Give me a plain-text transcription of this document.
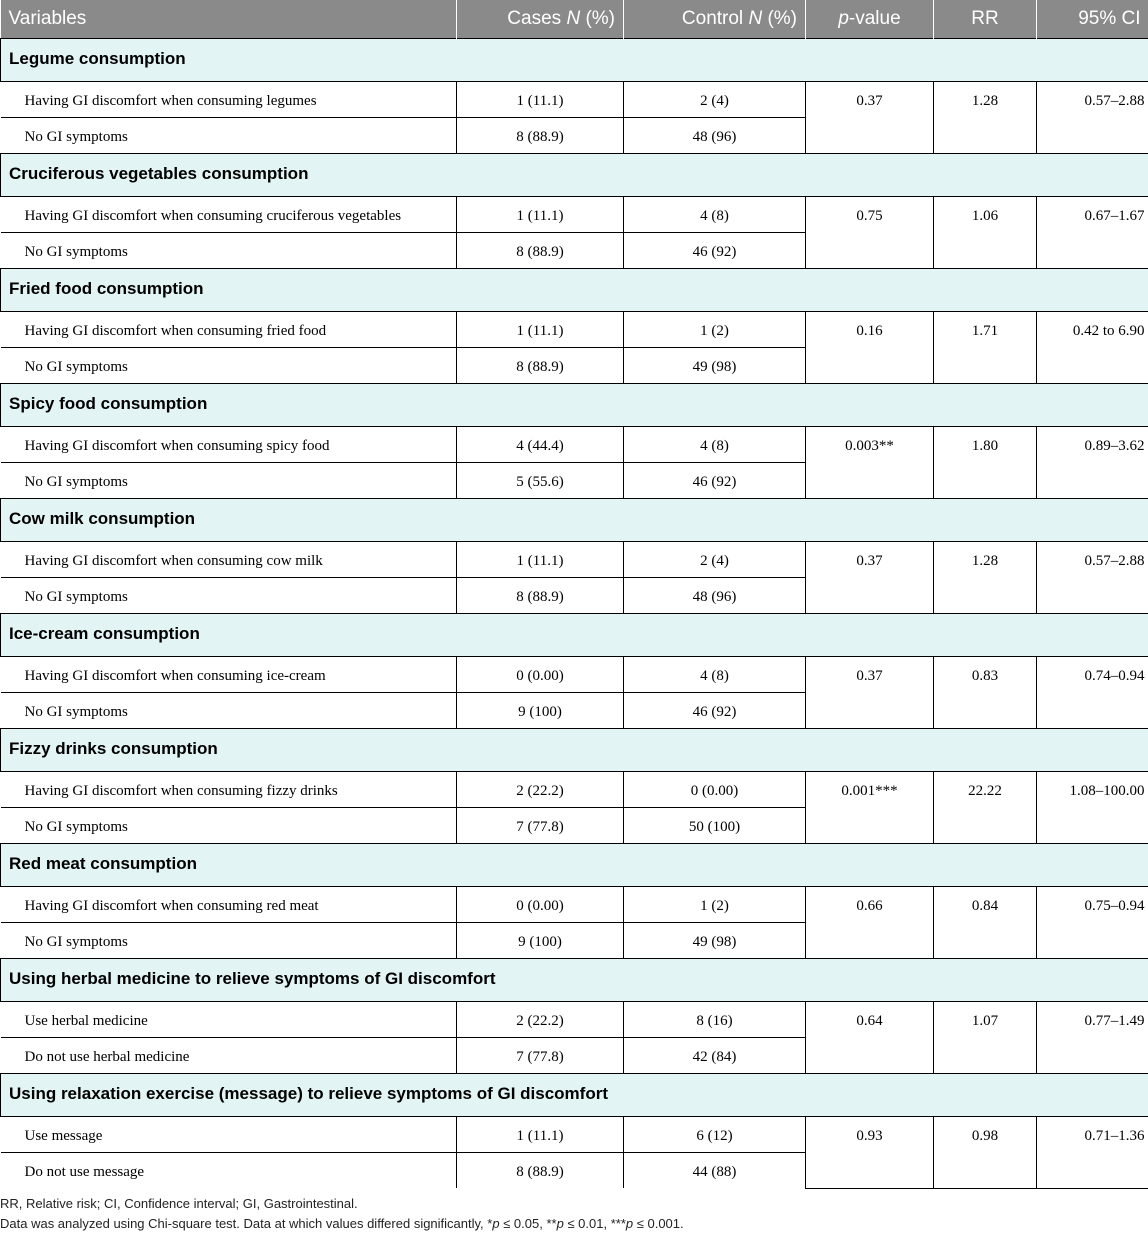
Variables	Cases N (%)	Control N (%)	p-value	RR	95% CI
Legume consumption					
Having GI discomfort when consuming legumes	1 (11.1)	2 (4)	0.37	1.28	0.57–2.88
No GI symptoms	8 (88.9)	48 (96)			
Cruciferous vegetables consumption					
Having GI discomfort when consuming cruciferous vegetables	1 (11.1)	4 (8)	0.75	1.06	0.67–1.67
No GI symptoms	8 (88.9)	46 (92)			
Fried food consumption					
Having GI discomfort when consuming fried food	1 (11.1)	1 (2)	0.16	1.71	0.42 to 6.90
No GI symptoms	8 (88.9)	49 (98)			
Spicy food consumption					
Having GI discomfort when consuming spicy food	4 (44.4)	4 (8)	0.003**	1.80	0.89–3.62
No GI symptoms	5 (55.6)	46 (92)			
Cow milk consumption					
Having GI discomfort when consuming cow milk	1 (11.1)	2 (4)	0.37	1.28	0.57–2.88
No GI symptoms	8 (88.9)	48 (96)			
Ice-cream consumption					
Having GI discomfort when consuming ice-cream	0 (0.00)	4 (8)	0.37	0.83	0.74–0.94
No GI symptoms	9 (100)	46 (92)			
Fizzy drinks consumption					
Having GI discomfort when consuming fizzy drinks	2 (22.2)	0 (0.00)	0.001***	22.22	1.08–100.00
No GI symptoms	7 (77.8)	50 (100)			
Red meat consumption					
Having GI discomfort when consuming red meat	0 (0.00)	1 (2)	0.66	0.84	0.75–0.94
No GI symptoms	9 (100)	49 (98)			
Using herbal medicine to relieve symptoms of GI discomfort					
Use herbal medicine	2 (22.2)	8 (16)	0.64	1.07	0.77–1.49
Do not use herbal medicine	7 (77.8)	42 (84)			
Using relaxation exercise (message) to relieve symptoms of GI discomfort					
Use message	1 (11.1)	6 (12)	0.93	0.98	0.71–1.36
Do not use message	8 (88.9)	44 (88)			
RR, Relative risk; CI, Confidence interval; GI, Gastrointestinal.
Data was analyzed using Chi-square test. Data at which values differed significantly, *p ≤ 0.05, **p ≤ 0.01, ***p ≤ 0.001.
